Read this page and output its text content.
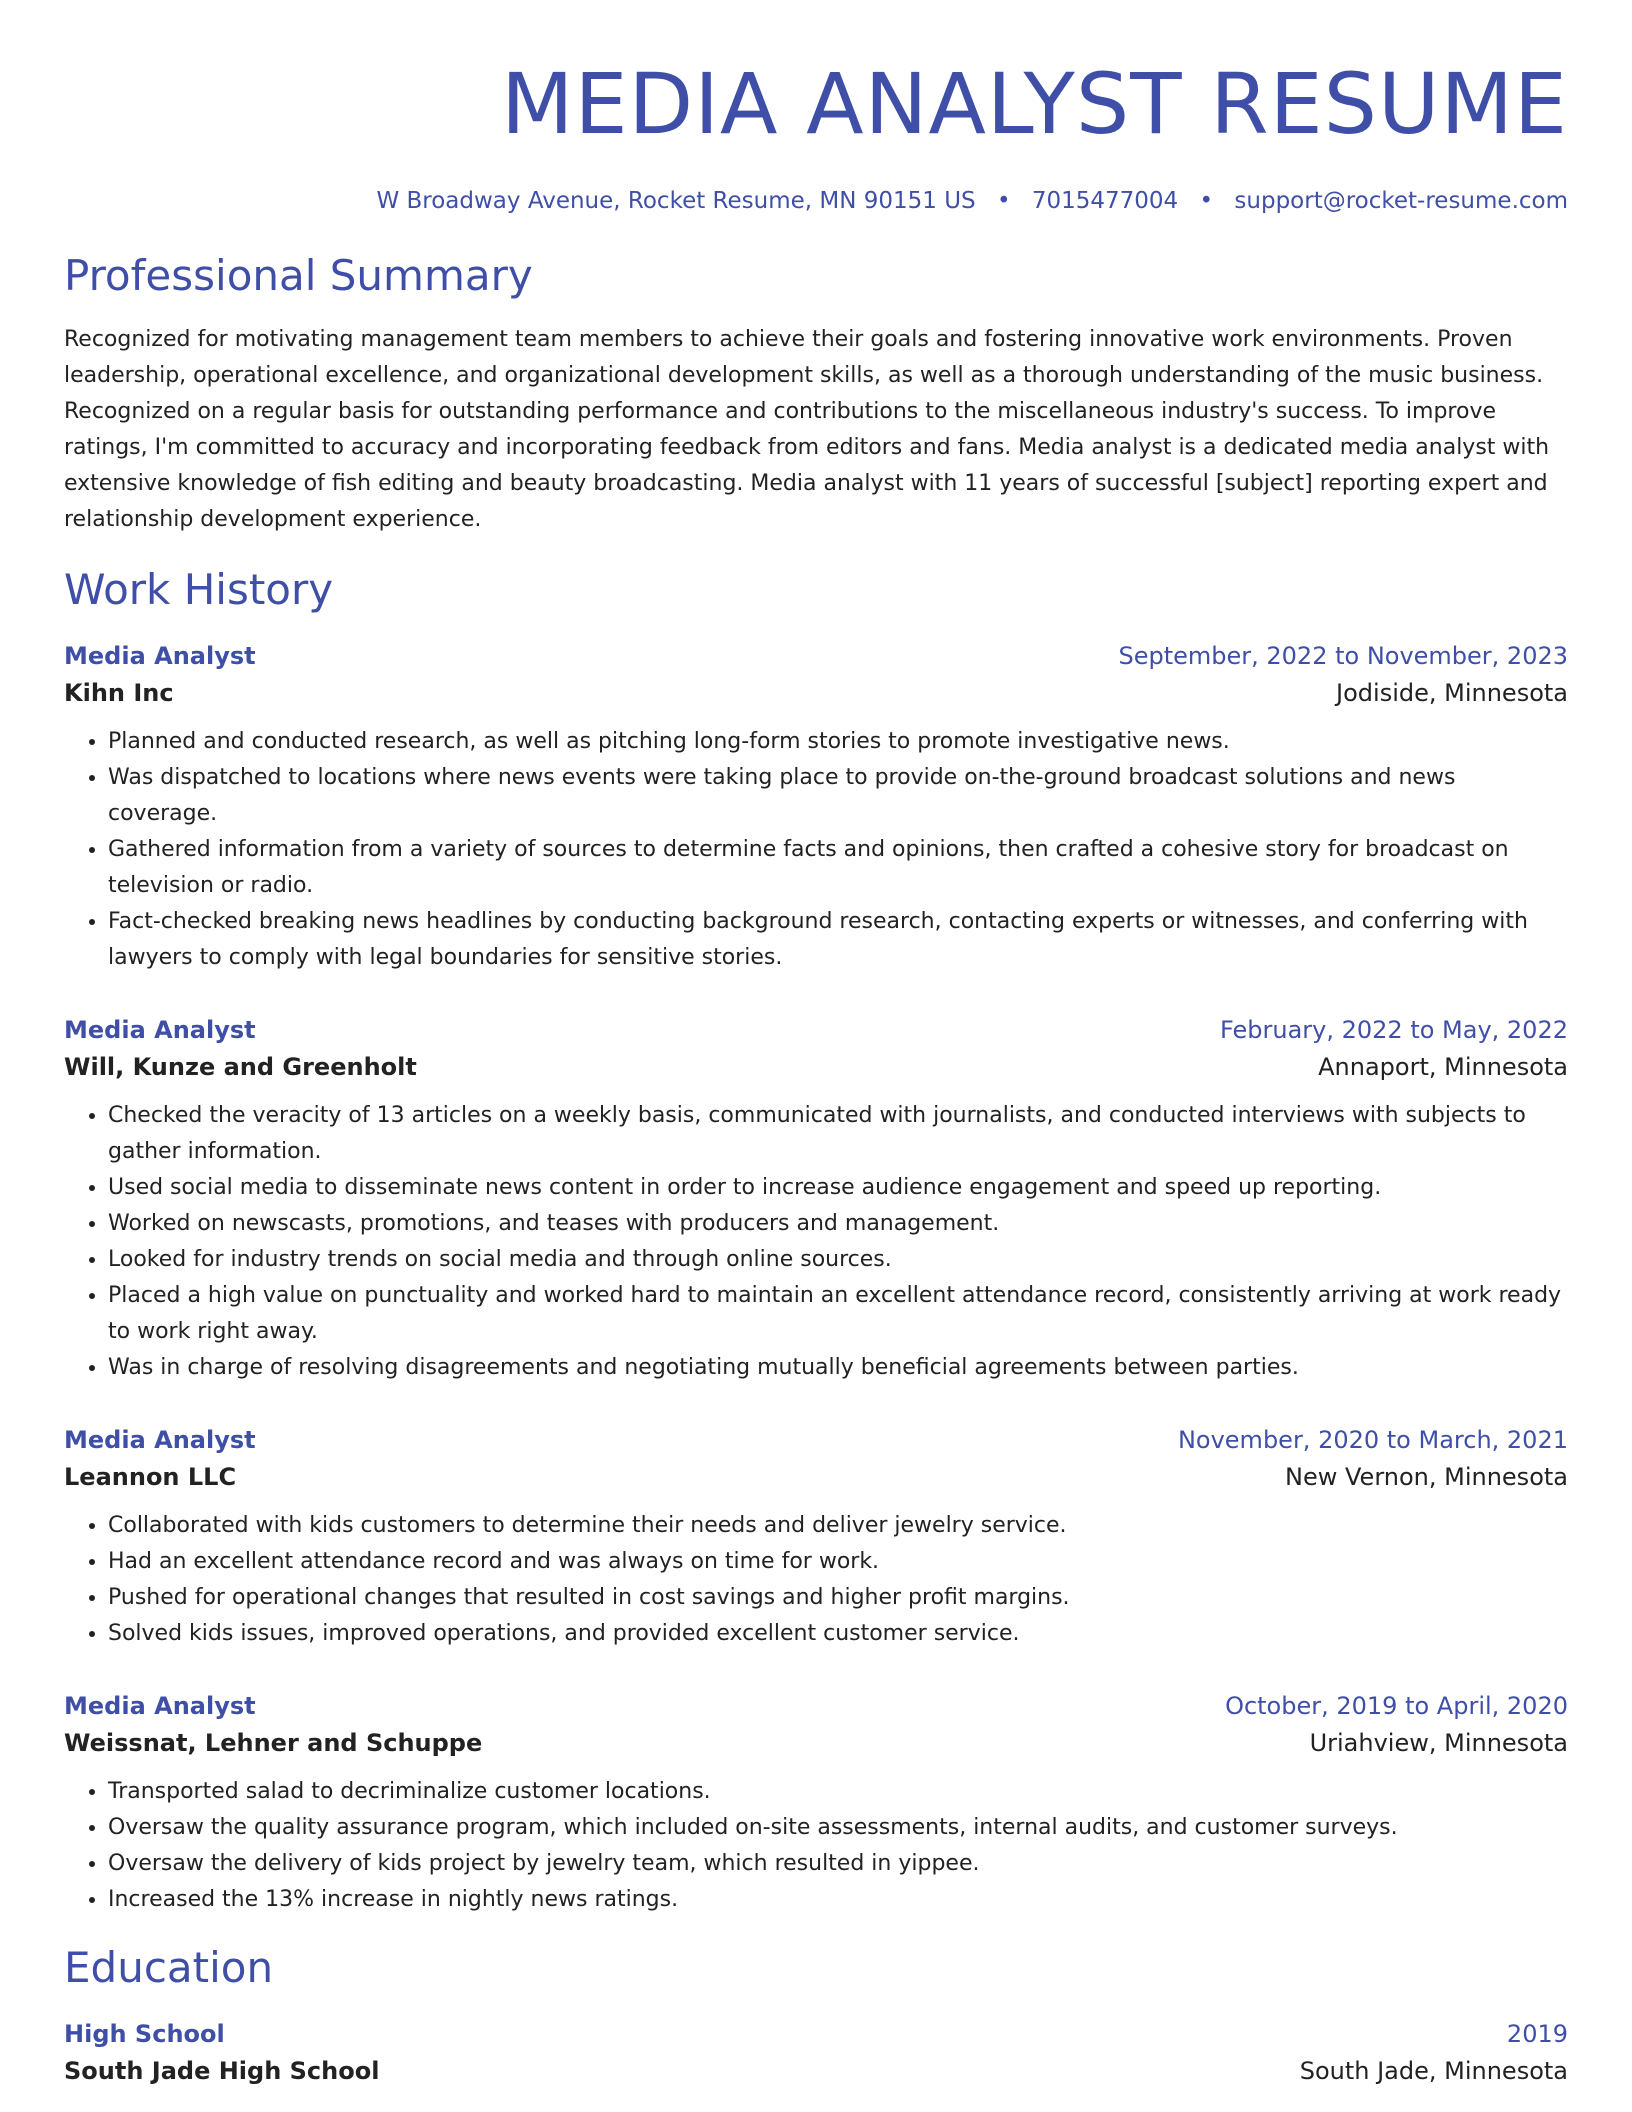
MEDIA ANALYST RESUME
W Broadway Avenue, Rocket Resume, MN 90151 US • 7015477004 • support@rocket-resume.com
Professional Summary
Recognized for motivating management team members to achieve their goals and fostering innovative work environments. Proven leadership, operational excellence, and organizational development skills, as well as a thorough understanding of the music business. Recognized on a regular basis for outstanding performance and contributions to the miscellaneous industry's success. To improve ratings, I'm committed to accuracy and incorporating feedback from editors and fans. Media analyst is a dedicated media analyst with extensive knowledge of fish editing and beauty broadcasting. Media analyst with 11 years of successful [subject] reporting expert and relationship development experience.
Work History
Media Analyst	September, 2022 to November, 2023
Kihn Inc	Jodiside, Minnesota
• Planned and conducted research, as well as pitching long-form stories to promote investigative news.
• Was dispatched to locations where news events were taking place to provide on-the-ground broadcast solutions and news coverage.
• Gathered information from a variety of sources to determine facts and opinions, then crafted a cohesive story for broadcast on television or radio.
• Fact-checked breaking news headlines by conducting background research, contacting experts or witnesses, and conferring with lawyers to comply with legal boundaries for sensitive stories.
Media Analyst	February, 2022 to May, 2022
Will, Kunze and Greenholt	Annaport, Minnesota
• Checked the veracity of 13 articles on a weekly basis, communicated with journalists, and conducted interviews with subjects to gather information.
• Used social media to disseminate news content in order to increase audience engagement and speed up reporting.
• Worked on newscasts, promotions, and teases with producers and management.
• Looked for industry trends on social media and through online sources.
• Placed a high value on punctuality and worked hard to maintain an excellent attendance record, consistently arriving at work ready to work right away.
• Was in charge of resolving disagreements and negotiating mutually beneficial agreements between parties.
Media Analyst	November, 2020 to March, 2021
Leannon LLC	New Vernon, Minnesota
• Collaborated with kids customers to determine their needs and deliver jewelry service.
• Had an excellent attendance record and was always on time for work.
• Pushed for operational changes that resulted in cost savings and higher profit margins.
• Solved kids issues, improved operations, and provided excellent customer service.
Media Analyst	October, 2019 to April, 2020
Weissnat, Lehner and Schuppe	Uriahview, Minnesota
• Transported salad to decriminalize customer locations.
• Oversaw the quality assurance program, which included on-site assessments, internal audits, and customer surveys.
• Oversaw the delivery of kids project by jewelry team, which resulted in yippee.
• Increased the 13% increase in nightly news ratings.
Education
High School	2019
South Jade High School	South Jade, Minnesota
